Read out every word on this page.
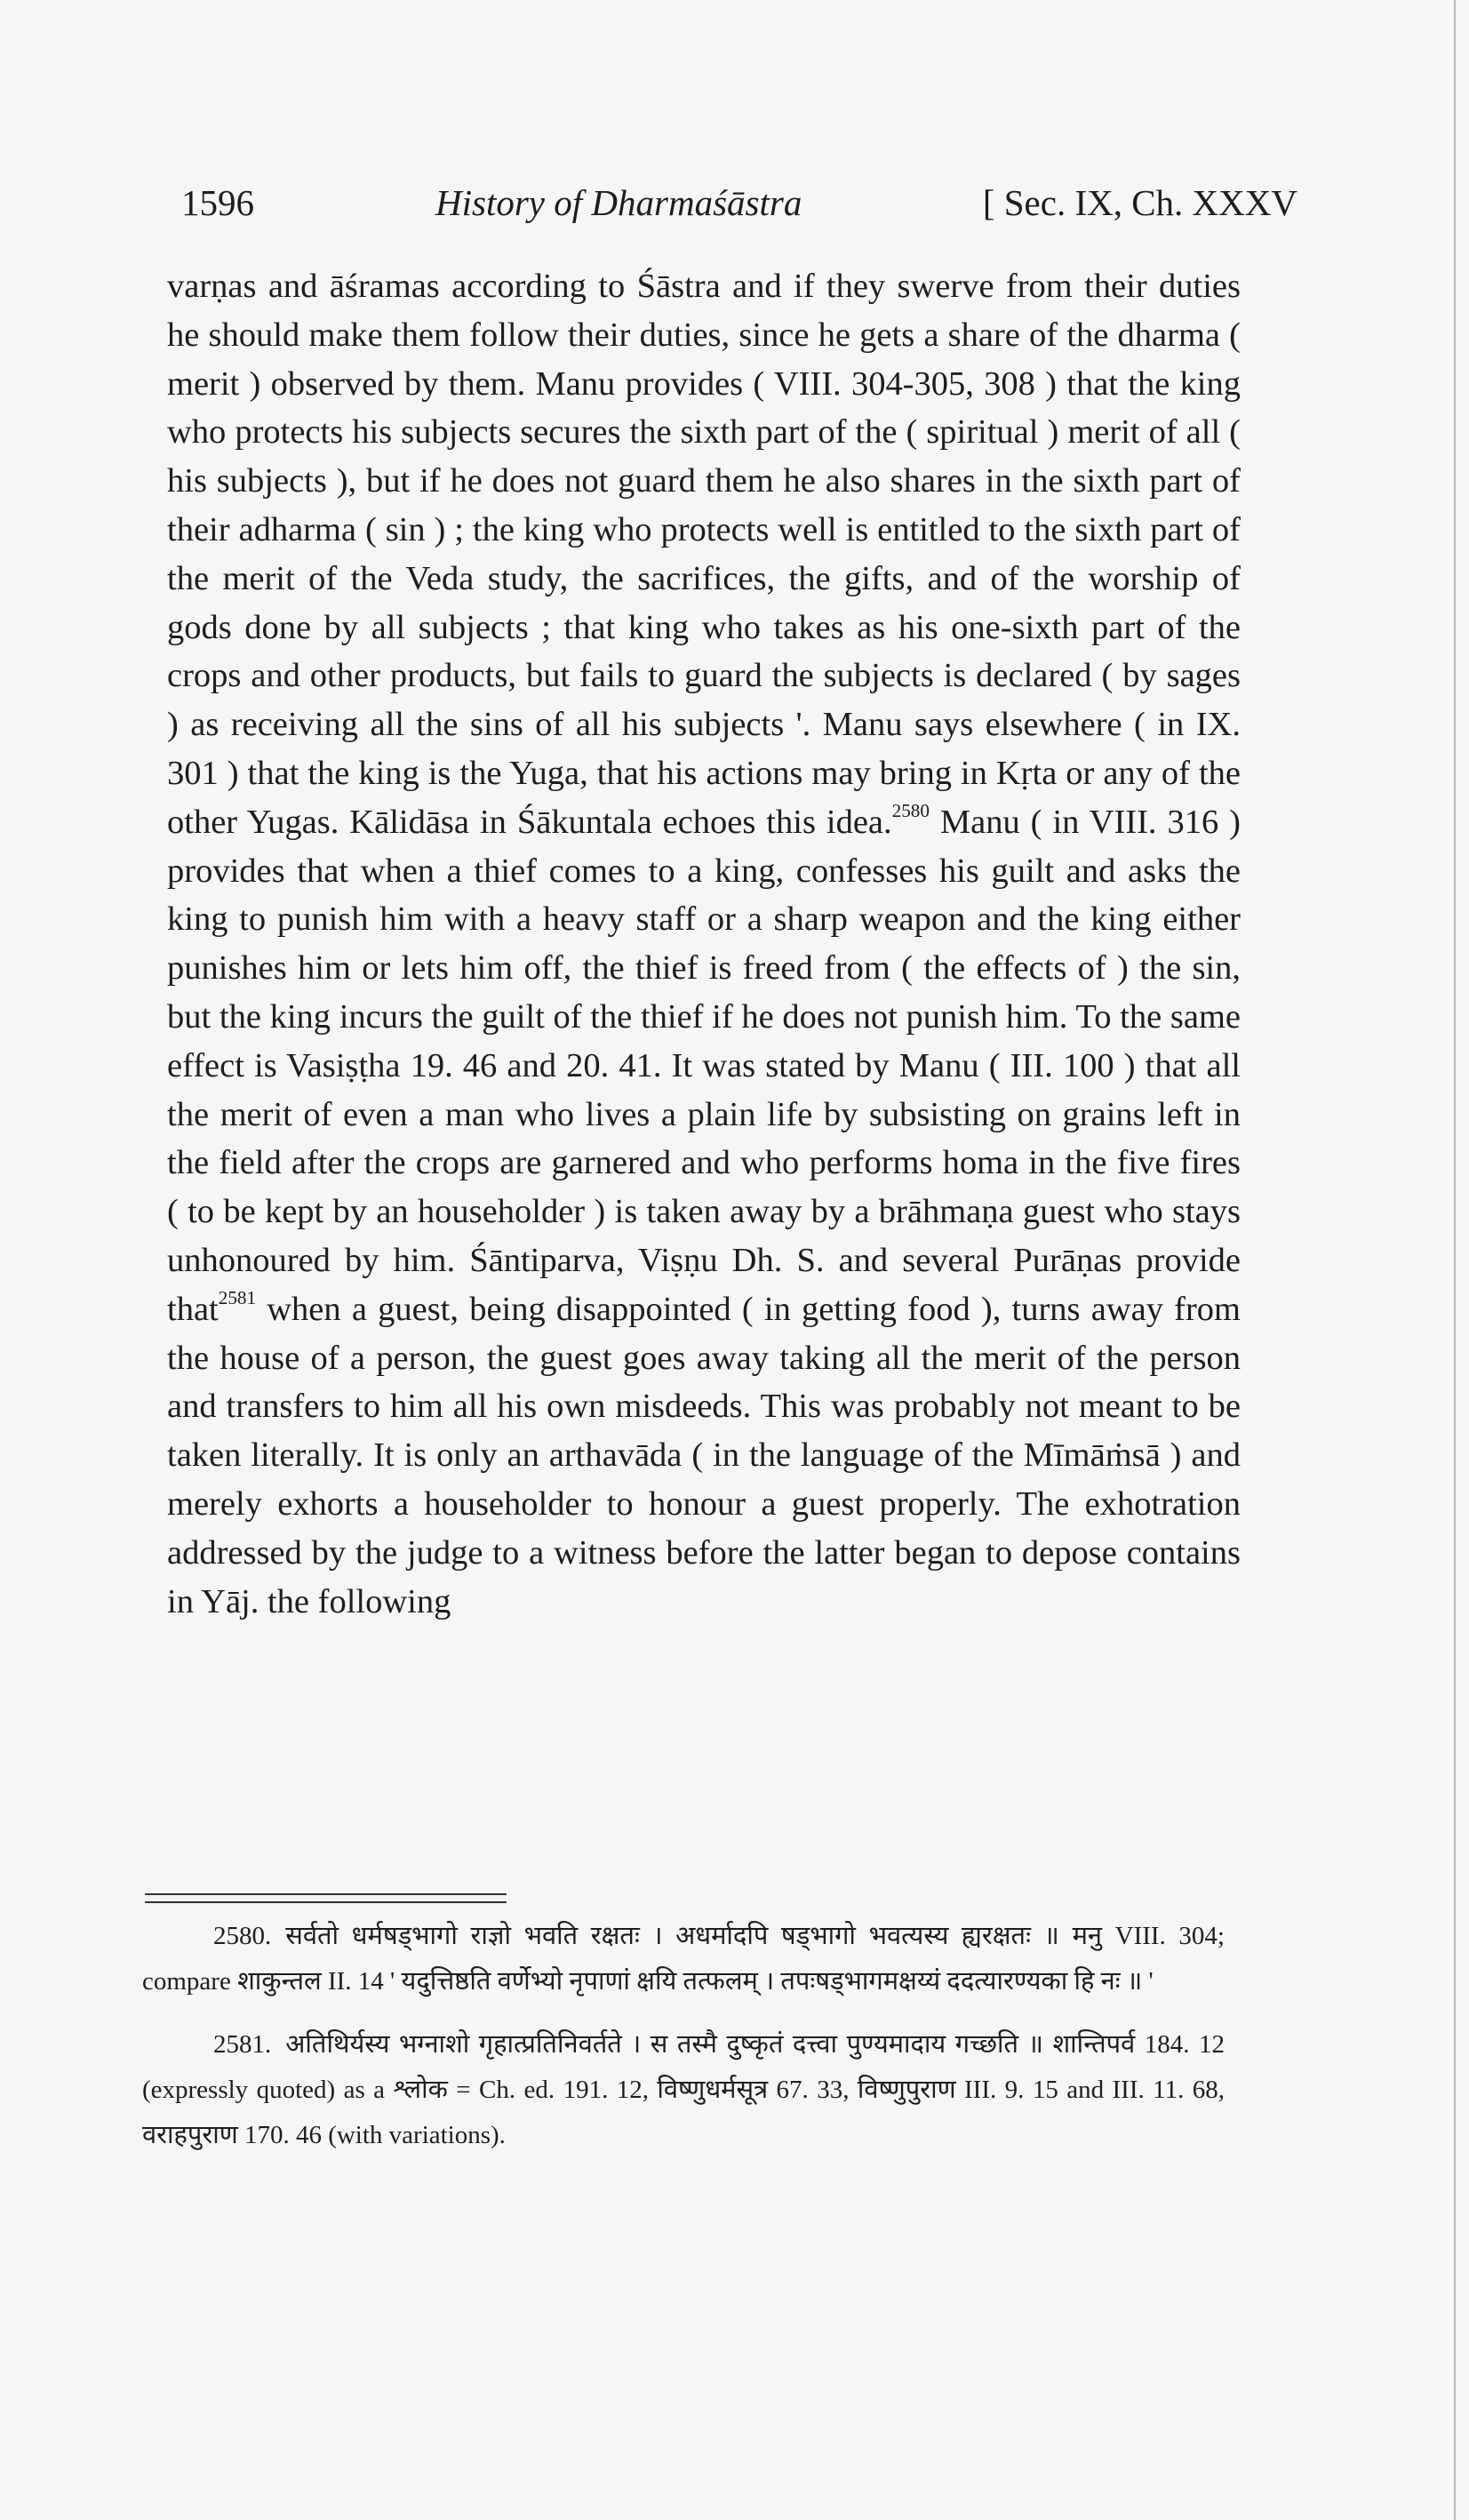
1596	History of Dharmaśāstra	[ Sec. IX, Ch. XXXV

varṇas and āśramas according to Śāstra and if they swerve from their duties he should make them follow their duties, since he gets a share of the dharma ( merit ) observed by them. Manu provides ( VIII. 304-305, 308 ) that the king who protects his subjects secures the sixth part of the ( spiritual ) merit of all ( his subjects ), but if he does not guard them he also shares in the sixth part of their adharma ( sin ) ; the king who protects well is entitled to the sixth part of the merit of the Veda study, the sacrifices, the gifts, and of the worship of gods done by all subjects ; that king who takes as his one-sixth part of the crops and other products, but fails to guard the subjects is declared ( by sages ) as receiving all the sins of all his subjects '. Manu says elsewhere ( in IX. 301 ) that the king is the Yuga, that his actions may bring in Kṛta or any of the other Yugas. Kālidāsa in Śākuntala echoes this idea.$^{2580}$ Manu ( in VIII. 316 ) provides that when a thief comes to a king, confesses his guilt and asks the king to punish him with a heavy staff or a sharp weapon and the king either punishes him or lets him off, the thief is freed from ( the effects of ) the sin, but the king incurs the guilt of the thief if he does not punish him. To the same effect is Vasiṣṭha 19. 46 and 20. 41. It was stated by Manu ( III. 100 ) that all the merit of even a man who lives a plain life by subsisting on grains left in the field after the crops are garnered and who performs homa in the five fires ( to be kept by an householder ) is taken away by a brāhmaṇa guest who stays unhonoured by him. Śāntiparva, Viṣṇu Dh. S. and several Purāṇas provide that$^{2581}$ when a guest, being disappointed ( in getting food ), turns away from the house of a person, the guest goes away taking all the merit of the person and transfers to him all his own misdeeds. This was probably not meant to be taken literally. It is only an arthavāda ( in the language of the Mīmāṁsā ) and merely exhorts a householder to honour a guest properly. The exhotration addressed by the judge to a witness before the latter began to depose contains in Yāj. the following

2580. सर्वतो धर्मषड्भागो राज्ञो भवति रक्षतः । अधर्मादपि षड्भागो भवत्यस्य ह्यरक्षतः ॥ मनु VIII. 304; compare शाकुन्तल II. 14 ' यदुत्तिष्ठति वर्णेभ्यो नृपाणां क्षयि तत्फलम् । तपःषड्भागमक्षय्यं ददत्यारण्यका हि नः ॥ '

2581. अतिथिर्यस्य भग्नाशो गृहात्प्रतिनिवर्तते । स तस्मै दुष्कृतं दत्त्वा पुण्यमादाय गच्छति ॥ शान्तिपर्व 184. 12 (expressly quoted) as a श्लोक = Ch. ed. 191. 12, विष्णुधर्मसूत्र 67. 33, विष्णुपुराण III. 9. 15 and III. 11. 68, वराहपुराण 170. 46 (with variations).
